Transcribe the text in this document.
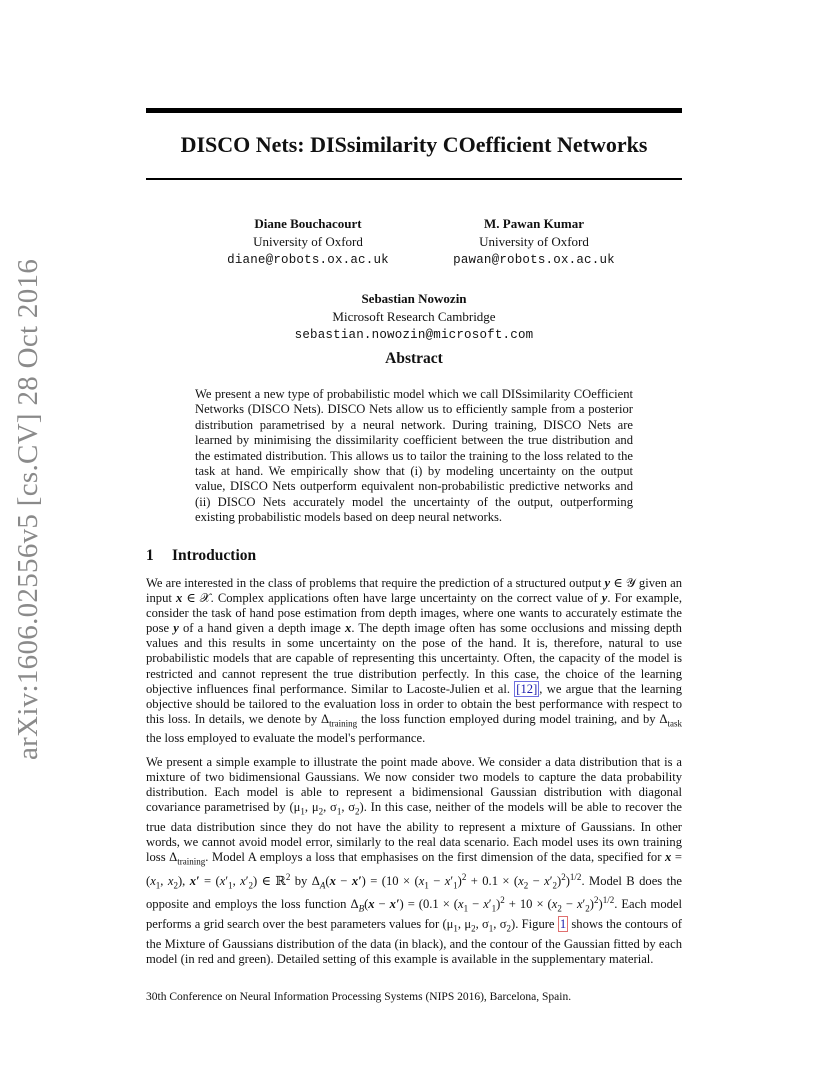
DISCO Nets: DISsimilarity COefficient Networks
arXiv:1606.02556v5 [cs.CV] 28 Oct 2016
Diane Bouchacourt
University of Oxford
diane@robots.ox.ac.uk
M. Pawan Kumar
University of Oxford
pawan@robots.ox.ac.uk
Sebastian Nowozin
Microsoft Research Cambridge
sebastian.nowozin@microsoft.com
Abstract
We present a new type of probabilistic model which we call DISsimilarity COefficient Networks (DISCO Nets). DISCO Nets allow us to efficiently sample from a posterior distribution parametrised by a neural network. During training, DISCO Nets are learned by minimising the dissimilarity coefficient between the true distribution and the estimated distribution. This allows us to tailor the training to the loss related to the task at hand. We empirically show that (i) by modeling uncertainty on the output value, DISCO Nets outperform equivalent non-probabilistic predictive networks and (ii) DISCO Nets accurately model the uncertainty of the output, outperforming existing probabilistic models based on deep neural networks.
1 Introduction

We are interested in the class of problems that require the prediction of a structured output y ∈ 𝒴 given an input x ∈ 𝒳. Complex applications often have large uncertainty on the correct value of y. For example, consider the task of hand pose estimation from depth images, where one wants to accurately estimate the pose y of a hand given a depth image x. The depth image often has some occlusions and missing depth values and this results in some uncertainty on the pose of the hand. It is, therefore, natural to use probabilistic models that are capable of representing this uncertainty. Often, the capacity of the model is restricted and cannot represent the true distribution perfectly. In this case, the choice of the learning objective influences final performance. Similar to Lacoste-Julien et al. [12] , we argue that the learning objective should be tailored to the evaluation loss in order to obtain the best performance with respect to this loss. In details, we denote by $\Delta_{training}$ the loss function employed during model training, and by $\Delta_{task}$ the loss employed to evaluate the model's performance.

We present a simple example to illustrate the point made above. We consider a data distribution that is a mixture of two bidimensional Gaussians. We now consider two models to capture the data probability distribution. Each model is able to represent a bidimensional Gaussian distribution with diagonal covariance parametrised by ($\mu_1$, $\mu_2$, $\sigma_1$, $\sigma_2$). In this case, neither of the models will be able to recover the true data distribution since they do not have the ability to represent a mixture of Gaussians. In other words, we cannot avoid model error, similarly to the real data scenario. Each model uses its own training loss $\Delta_{training}$. Model A employs a loss that emphasises on the first dimension of the data, specified for $x = (x_1$, $x_2$), $x' = (x'_1$, $x'_2$) ∈ ℝ$^2$ by $\Delta_A(x - x') = (10 \times (x_1 - x'_1)^2 + 0.1 \times (x_2 - x'_2)^2)^{1/2}$. Model B does the opposite and employs the loss function $\Delta_B(x - x') = (0.1 \times (x_1 - x'_1)^2 + 10 \times (x_2 - x'_2)^2)^{1/2}$. Each model performs a grid search over the best parameters values for ($\mu_1$, $\mu_2$, $\sigma_1$, $\sigma_2$). Figure 1 shows the contours of the Mixture of Gaussians distribution of the data (in black), and the contour of the Gaussian fitted by each model (in red and green). Detailed setting of this example is available in the supplementary material.

30th Conference on Neural Information Processing Systems (NIPS 2016), Barcelona, Spain.
